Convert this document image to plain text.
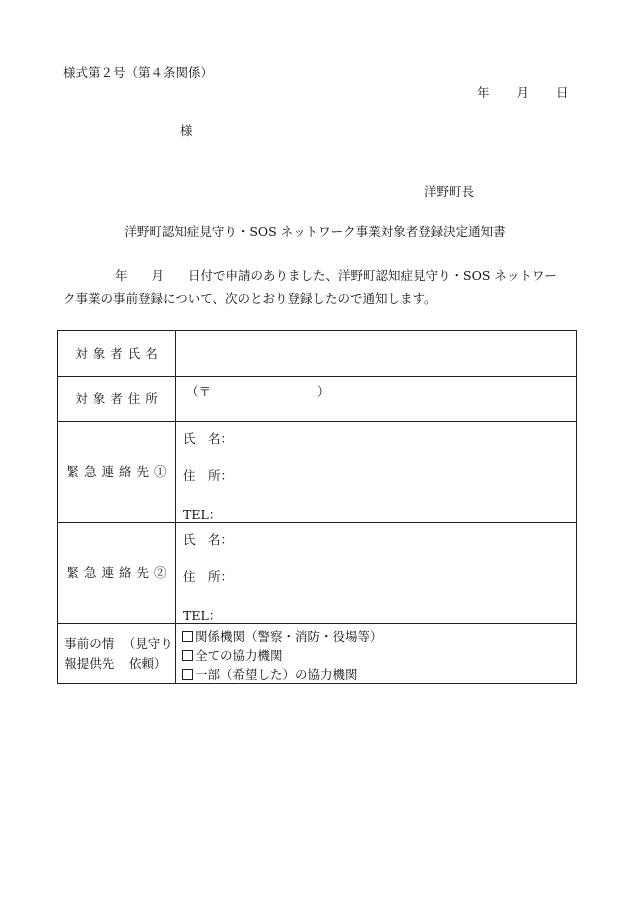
様式第２号（第４条関係）
年 月 日
様
洋野町長
洋野町認知症見守り・SOS ネットワーク事業対象者登録決定通知書
年 月 日付で申請のありました、洋野町認知症見守り・SOS ネットワー
ク事業の事前登録について、次のとおり登録したので通知します。
対象者氏名
対象者住所	（〒	）
緊急連絡先①
氏　名：
住　所：
TEL：
緊急連絡先②
氏　名：
住　所：
TEL：
事前の情報提供先
（見守り依頼）
関係機関（警察・消防・役場等）
全ての協力機関
一部（希望した）の協力機関
